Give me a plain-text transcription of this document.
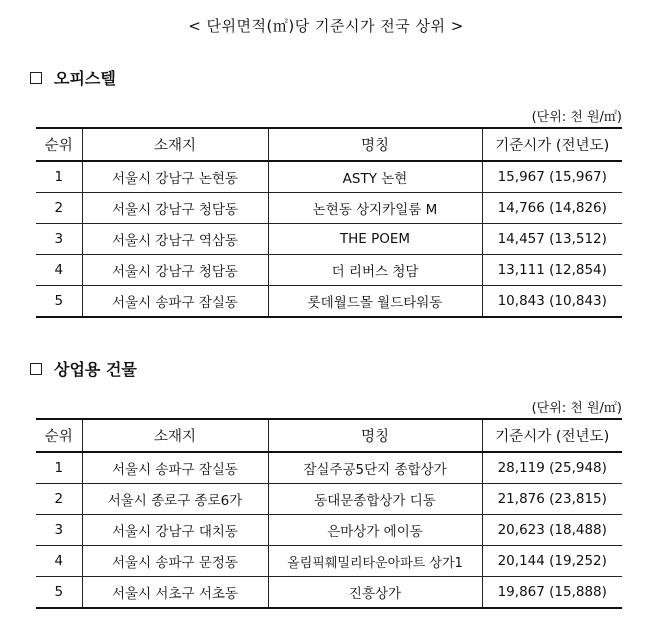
< 단위면적(㎡)당 기준시가 전국 상위 >
오피스텔
(단위: 천 원/㎡)
순위	소재지	명칭	기준시가 (전년도)
1	서울시 강남구 논현동	ASTY 논현	15,967 (15,967)
2	서울시 강남구 청담동	논현동 상지카일룸 M	14,766 (14,826)
3	서울시 강남구 역삼동	THE POEM	14,457 (13,512)
4	서울시 강남구 청담동	더 리버스 청담	13,111 (12,854)
5	서울시 송파구 잠실동	롯데월드몰 월드타워동	10,843 (10,843)
상업용 건물
(단위: 천 원/㎡)
순위	소재지	명칭	기준시가 (전년도)
1	서울시 송파구 잠실동	잠실주공5단지 종합상가	28,119 (25,948)
2	서울시 종로구 종로6가	동대문종합상가 디동	21,876 (23,815)
3	서울시 강남구 대치동	은마상가 에이동	20,623 (18,488)
4	서울시 송파구 문정동	올림픽훼밀리타운아파트 상가1	20,144 (19,252)
5	서울시 서초구 서초동	진흥상가	19,867 (15,888)
